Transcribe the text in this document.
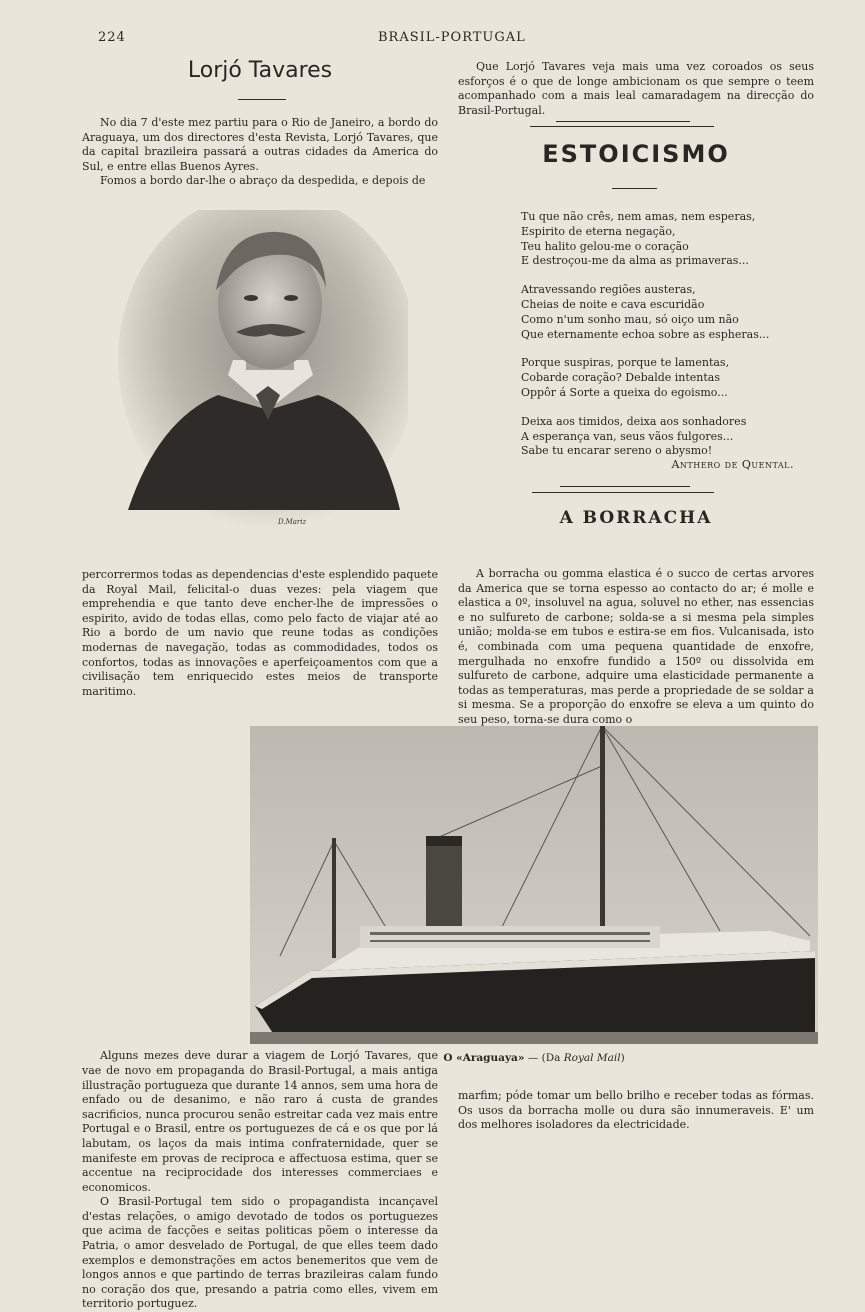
224	BRASIL-PORTUGAL
Lorjó Tavares

No dia 7 d'este mez partiu para o Rio de Janeiro, a bordo do Araguaya, um dos directores d'esta Revista, Lorjó Tavares, que da capital brazileira passará a outras cidades da America do Sul, e entre ellas Buenos Ayres.

Fomos a bordo dar-lhe o abraço da despedida, e depois de

D.Mariz

percorrermos todas as dependencias d'este esplendido paquete da Royal Mail, felicital-o duas vezes: pela viagem que emprehendia e que tanto deve encher-lhe de impressões o espirito, avido de todas ellas, como pelo facto de viajar até ao Rio a bordo de um navio que reune todas as condições modernas de navegação, todas as commodidades, todos os confortos, todas as innovações e aperfeiçoamentos com que a civilisação tem enriquecido estes meios de transporte maritimo.

Alguns mezes deve durar a viagem de Lorjó Tavares, que vae de novo em propaganda do Brasil-Portugal, a mais antiga illustração portugueza que durante 14 annos, sem uma hora de enfado ou de desanimo, e não raro á custa de grandes sacrificios, nunca procurou senão estreitar cada vez mais entre Portugal e o Brasil, entre os portuguezes de cá e os que por lá labutam, os laços da mais intima confraternidade, quer se manifeste em provas de reciproca e affectuosa estima, quer se accentue na reciprocidade dos interesses commerciaes e economicos.

O Brasil-Portugal tem sido o propagandista incançavel d'estas relações, o amigo devotado de todos os portuguezes que acima de facções e seitas politicas põem o interesse da Patria, o amor desvelado de Portugal, de que elles teem dado exemplos e demonstrações em actos benemeritos que vem de longos annos e que partindo de terras brazileiras calam fundo no coração dos que, presando a patria como elles, vivem em territorio portuguez.

Que Lorjó Tavares veja mais uma vez coroados os seus esforços é o que de longe ambicionam os que sempre o teem acompanhado com a mais leal camaradagem na direcção do Brasil-Portugal.

ESTOICISMO
Tu que não crês, nem amas, nem esperas,
Espirito de eterna negação,
Teu halito gelou-me o coração
E destroçou-me da alma as primaveras...
Atravessando regiões austeras,
Cheias de noite e cava escuridão
Como n'um sonho mau, só oiço um não
Que eternamente echoa sobre as espheras...
Porque suspiras, porque te lamentas,
Cobarde coração? Debalde intentas
Oppôr á Sorte a queixa do egoismo...
Deixa aos timidos, deixa aos sonhadores
A esperança van, seus vãos fulgores...
Sabe tu encarar sereno o abysmo!
Anthero de Quental.
A BORRACHA

A borracha ou gomma elastica é o succo de certas arvores da America que se torna espesso ao contacto do ar; é molle e elastica a 0º, insoluvel na agua, soluvel no ether, nas essencias e no sulfureto de carbone; solda-se a si mesma pela simples união; molda-se em tubos e estira-se em fios. Vulcanisada, isto é, combinada com uma pequena quantidade de enxofre, mergulhada no enxofre fundido a 150º ou dissolvida em sulfureto de carbone, adquire uma elasticidade permanente a todas as temperaturas, mas perde a propriedade de se soldar a si mesma. Se a proporção do enxofre se eleva a um quinto do seu peso, torna-se dura como o

marfim; póde tomar um bello brilho e receber todas as fórmas. Os usos da borracha molle ou dura são innumeraveis. E' um dos melhores isoladores da electricidade.

O «Araguaya» — (Da Royal Mail)
